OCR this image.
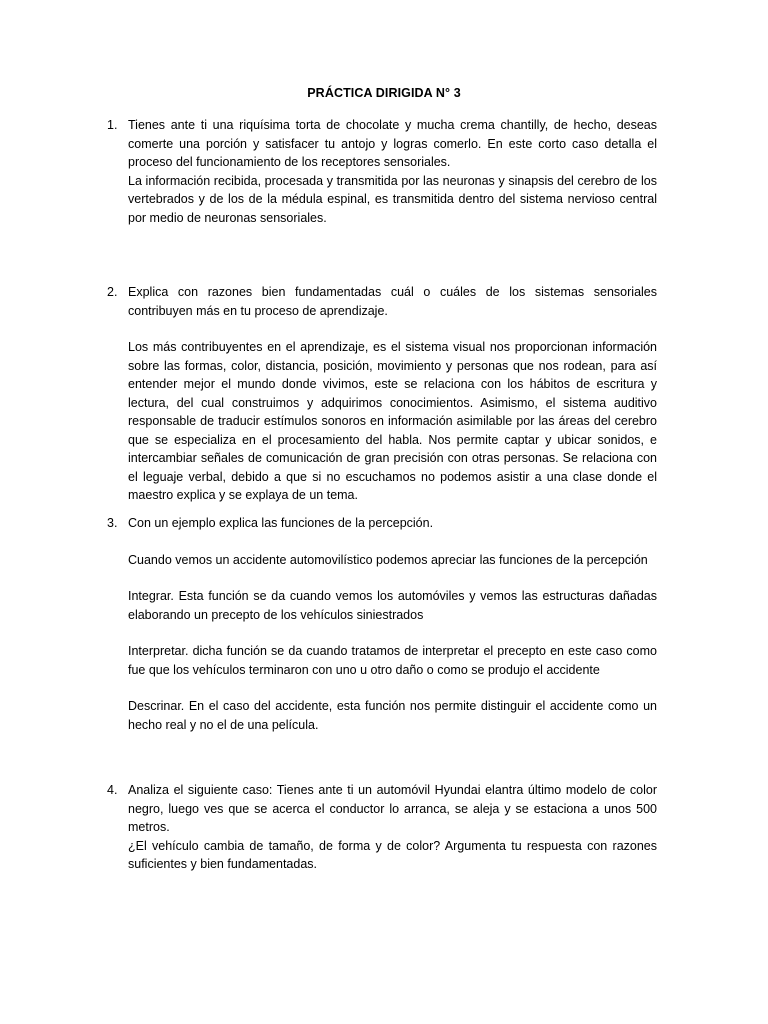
PRÁCTICA DIRIGIDA N° 3
1. Tienes ante ti una riquísima torta de chocolate y mucha crema chantilly, de hecho, deseas comerte una porción y satisfacer tu antojo y logras comerlo. En este corto caso detalla el proceso del funcionamiento de los receptores sensoriales.

La información recibida, procesada y transmitida por las neuronas y sinapsis del cerebro de los vertebrados y de los de la médula espinal, es transmitida dentro del sistema nervioso central por medio de neuronas sensoriales.

2. Explica con razones bien fundamentadas cuál o cuáles de los sistemas sensoriales contribuyen más en tu proceso de aprendizaje.

Los más contribuyentes en el aprendizaje, es el sistema visual nos proporcionan información sobre las formas, color, distancia, posición, movimiento y personas que nos rodean, para así entender mejor el mundo donde vivimos, este se relaciona con los hábitos de escritura y lectura, del cual construimos y adquirimos conocimientos. Asimismo, el sistema auditivo responsable de traducir estímulos sonoros en información asimilable por las áreas del cerebro que se especializa en el procesamiento del habla. Nos permite captar y ubicar sonidos, e intercambiar señales de comunicación de gran precisión con otras personas. Se relaciona con el leguaje verbal, debido a que si no escuchamos no podemos asistir a una clase donde el maestro explica y se explaya de un tema.

3. Con un ejemplo explica las funciones de la percepción.

Cuando vemos un accidente automovilístico podemos apreciar las funciones de la percepción

Integrar. Esta función se da cuando vemos los automóviles y vemos las estructuras dañadas elaborando un precepto de los vehículos siniestrados

Interpretar. dicha función se da cuando tratamos de interpretar el precepto en este caso como fue que los vehículos terminaron con uno u otro daño o como se produjo el accidente

Descrinar. En el caso del accidente, esta función nos permite distinguir el accidente como un hecho real y no el de una película.

4. Analiza el siguiente caso: Tienes ante ti un automóvil Hyundai elantra último modelo de color negro, luego ves que se acerca el conductor lo arranca, se aleja y se estaciona a unos 500 metros.

¿El vehículo cambia de tamaño, de forma y de color? Argumenta tu respuesta con razones suficientes y bien fundamentadas.
